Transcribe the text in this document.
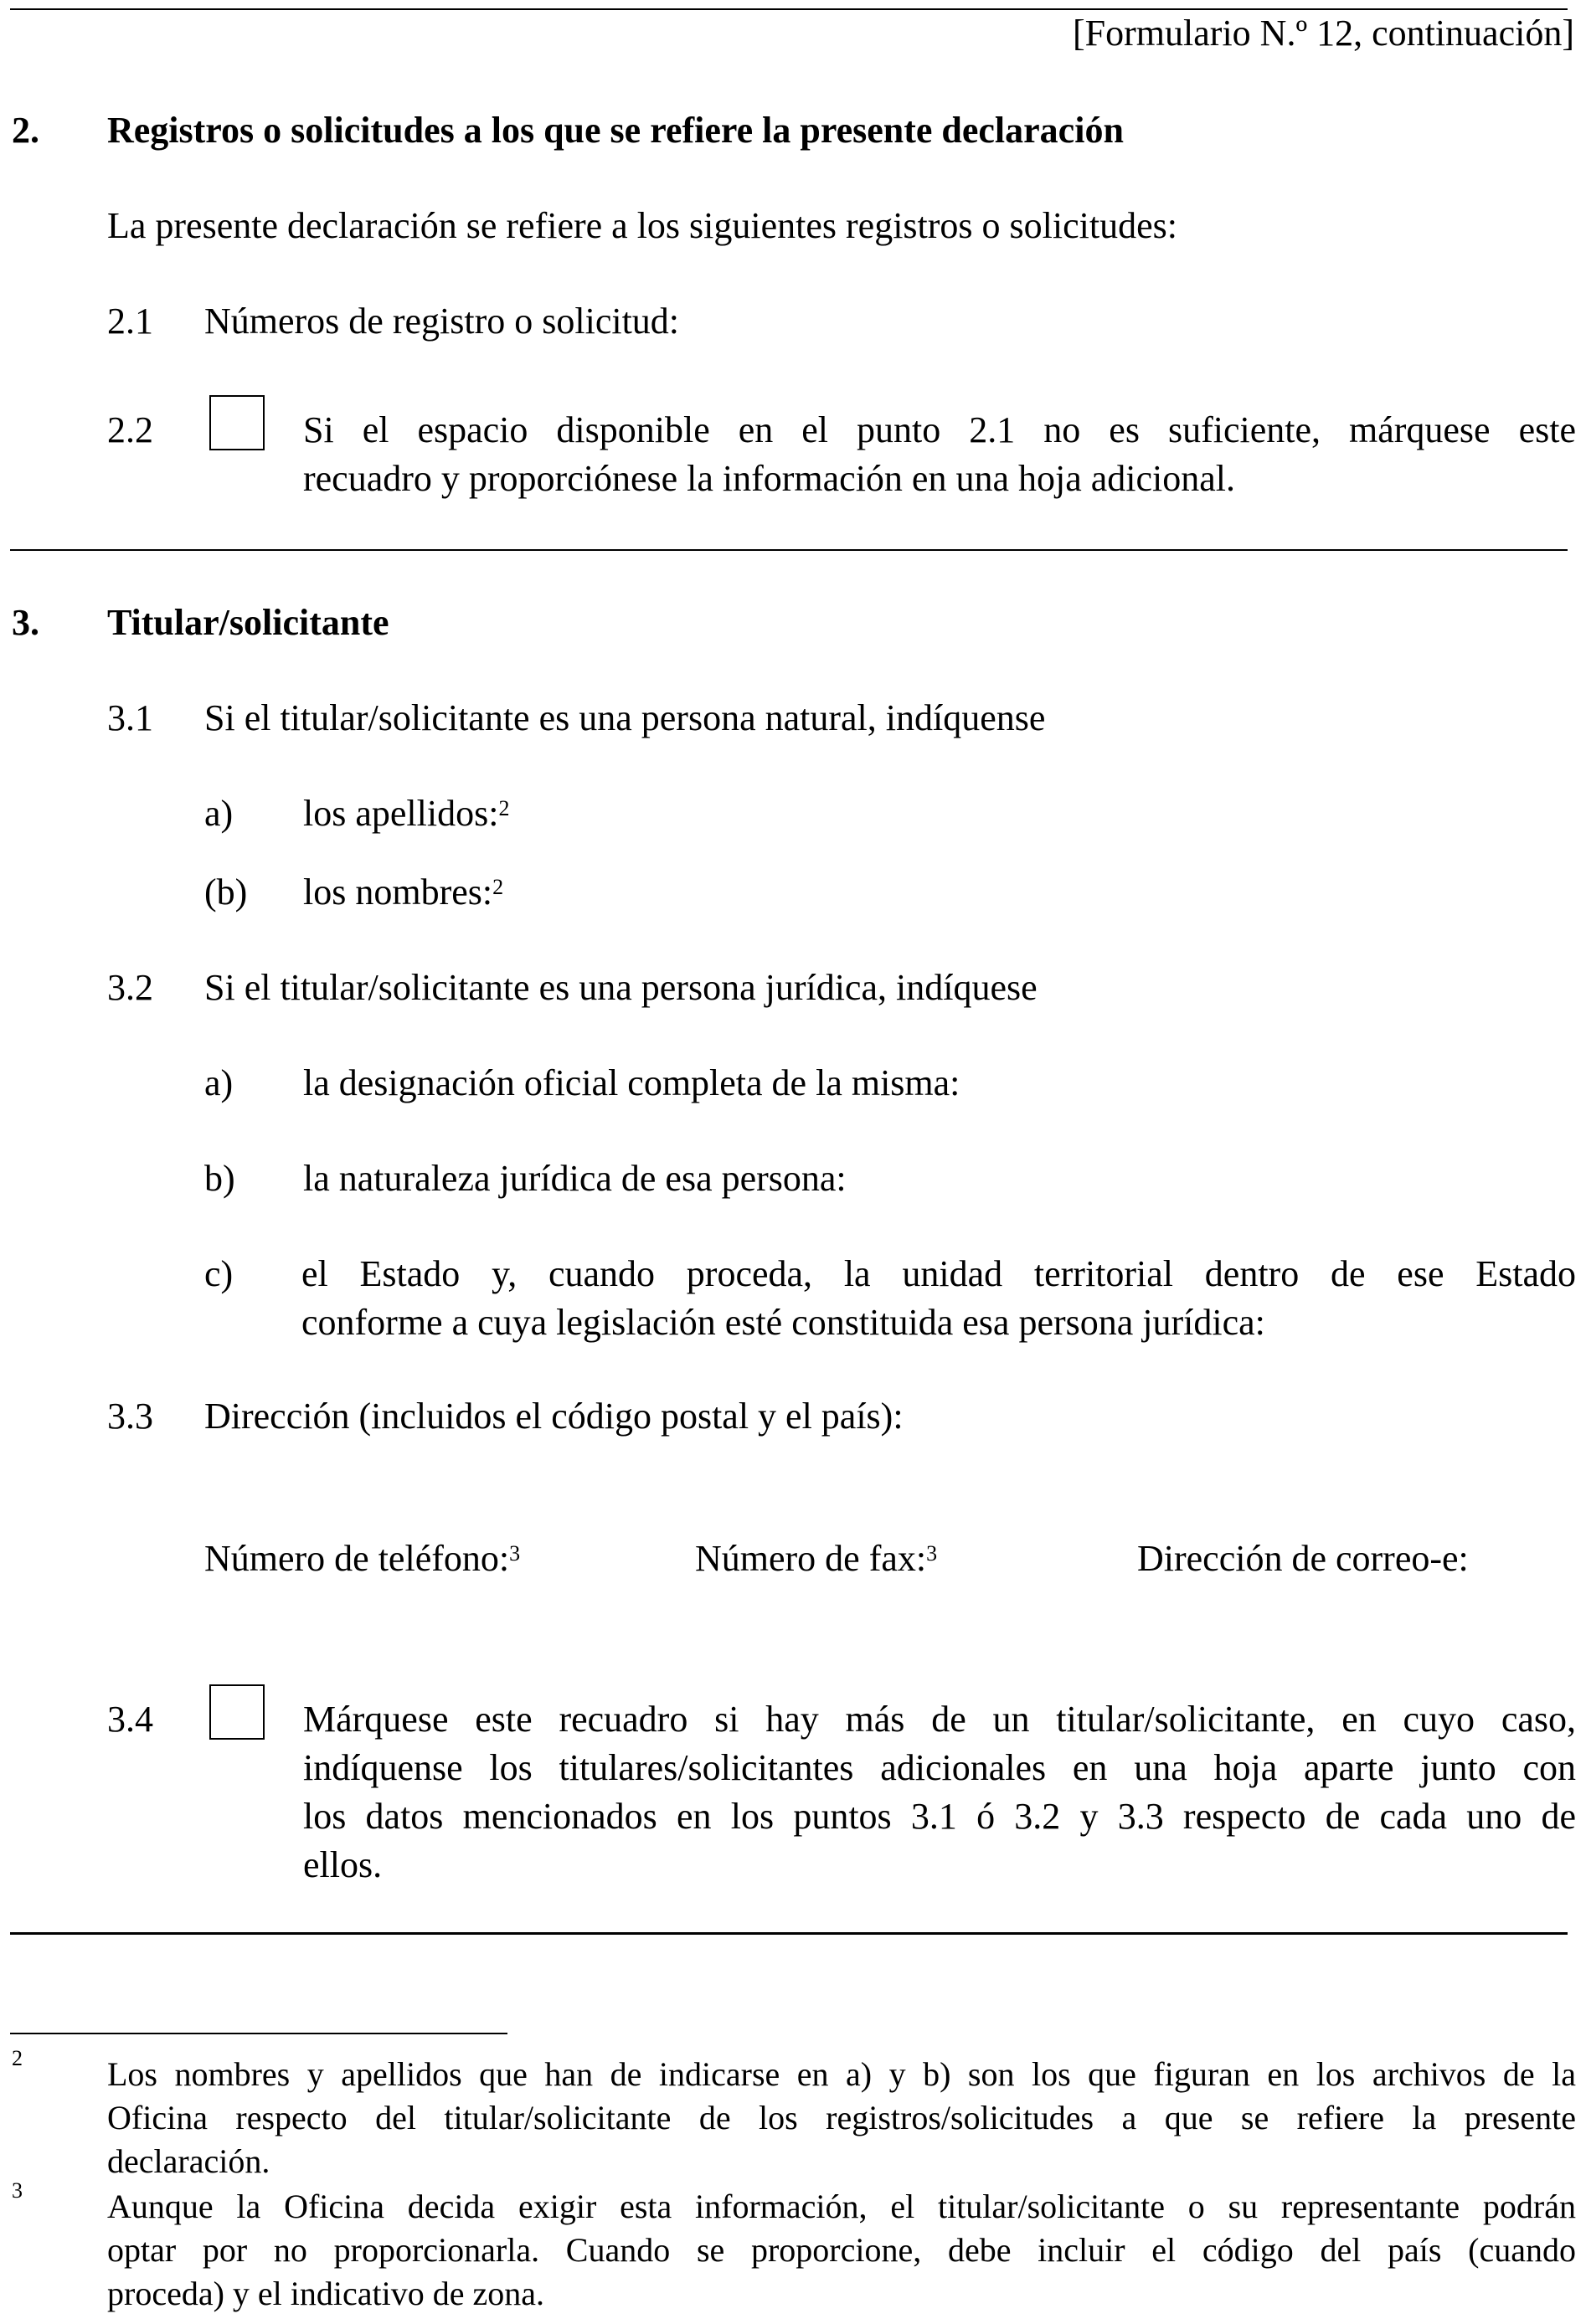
[Formulario N.º 12, continuación]
2. Registros o solicitudes a los que se refiere la presente declaración
La presente declaración se refiere a los siguientes registros o solicitudes:
2.1 Números de registro o solicitud:
2.2	Si el espacio disponible en el punto 2.1 no es suficiente, márquese este
recuadro y proporciónese la información en una hoja adicional.
3. Titular/solicitante
3.1 Si el titular/solicitante es una persona natural, indíquense
a) los apellidos:$^2$
(b) los nombres:$^2$
3.2 Si el titular/solicitante es una persona jurídica, indíquese
a) la designación oficial completa de la misma:
b) la naturaleza jurídica de esa persona:
c) el Estado y, cuando proceda, la unidad territorial dentro de ese Estado
conforme a cuya legislación esté constituida esa persona jurídica:
3.3 Dirección (incluidos el código postal y el país):
Número de teléfono:$^3$	Número de fax:$^3$	Dirección de correo-e:
3.4	Márquese este recuadro si hay más de un titular/solicitante, en cuyo caso,
indíquense los titulares/solicitantes adicionales en una hoja aparte junto con
los datos mencionados en los puntos 3.1 ó 3.2 y 3.3 respecto de cada uno de
ellos.
2	Los nombres y apellidos que han de indicarse en a) y b) son los que figuran en los archivos de la
Oficina respecto del titular/solicitante de los registros/solicitudes a que se refiere la presente
declaración.
3	Aunque la Oficina decida exigir esta información, el titular/solicitante o su representante podrán
optar por no proporcionarla. Cuando se proporcione, debe incluir el código del país (cuando
proceda) y el indicativo de zona.
